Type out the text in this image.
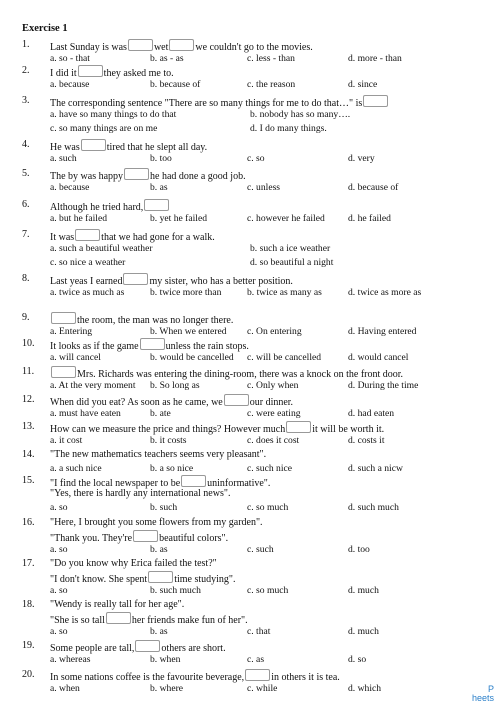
Exercise 1
1.	Last Sunday is was	wet	we couldn't go to the movies.
a. so - that	b. as - as	c. less - than	d. more - than
2.	I did it	they asked me to.
a. because	b. because of	c. the reason	d. since
3.	The corresponding sentence "There are so many things for me to do that…" is
a. have so many things to do that	b. nobody has so many….
c. so many things are on me	d. I do many things.
4.	He was	tired that he slept all day.
a. such	b. too	c. so	d. very
5.	The by was happy	he had done a good job.
a. because	b. as	c. unless	d. because of
6.	Although he tried hard,
a. but he failed	b. yet he failed	c. however he failed d. he failed
7.	It was	that we had gone for a walk.
a. such a beautiful weather	b. such a ice weather
c. so nice a weather	d. so beautiful a night
8.	Last yeas I earned	my sister, who has a better position.
a. twice as much as	b. twice more than	b. twice as many as	d. twice as more as
9.	the room, the man was no longer there.
a. Entering	b. When we entered c. On entering	d. Having entered
10.	It looks as if the game	unless the rain stops.
a. will cancel	b. would be cancelled c. will be cancelled	d. would cancel
11.	Mrs. Richards was entering the dining-room, there was a knock on the front door.
a. At the very moment b. So long as	c. Only when	d. During the time
12.	When did you eat? As soon as he came, we	our dinner.
a. must have eaten	b. ate	c. were eating	d. had eaten
13.	How can we measure the price and things? However much	it will be worth it.
a. it cost	b. it costs	c. does it cost	d. costs it
14.	"The new mathematics teachers seems very pleasant".
a. a such nice	b. a so nice	c. such nice	d. such a nicw
15.	"I find the local newspaper to be	uninformative".
"Yes, there is hardly any international news".
a. so	b. such	c. so much	d. such much
16.	"Here, I brought you some flowers from my garden".
"Thank you. They're	beautiful colors".
a. so	b. as	c. such	d. too
17.	"Do you know why Erica failed the test?"
"I don't know. She spent	time studying".
a. so	b. such much	c. so much	d. much
18.	"Wendy is really tall for her age".
"She is so tall	her friends make fun of her".
a. so	b. as	c. that	d. much
19.	Some people are tall,	others are short.
a. whereas	b. when	c. as	d. so
20.	In some nations coffee is the favourite beverage,	in others it is tea.
a. when	b. where	c. while	d. which	P
heets
